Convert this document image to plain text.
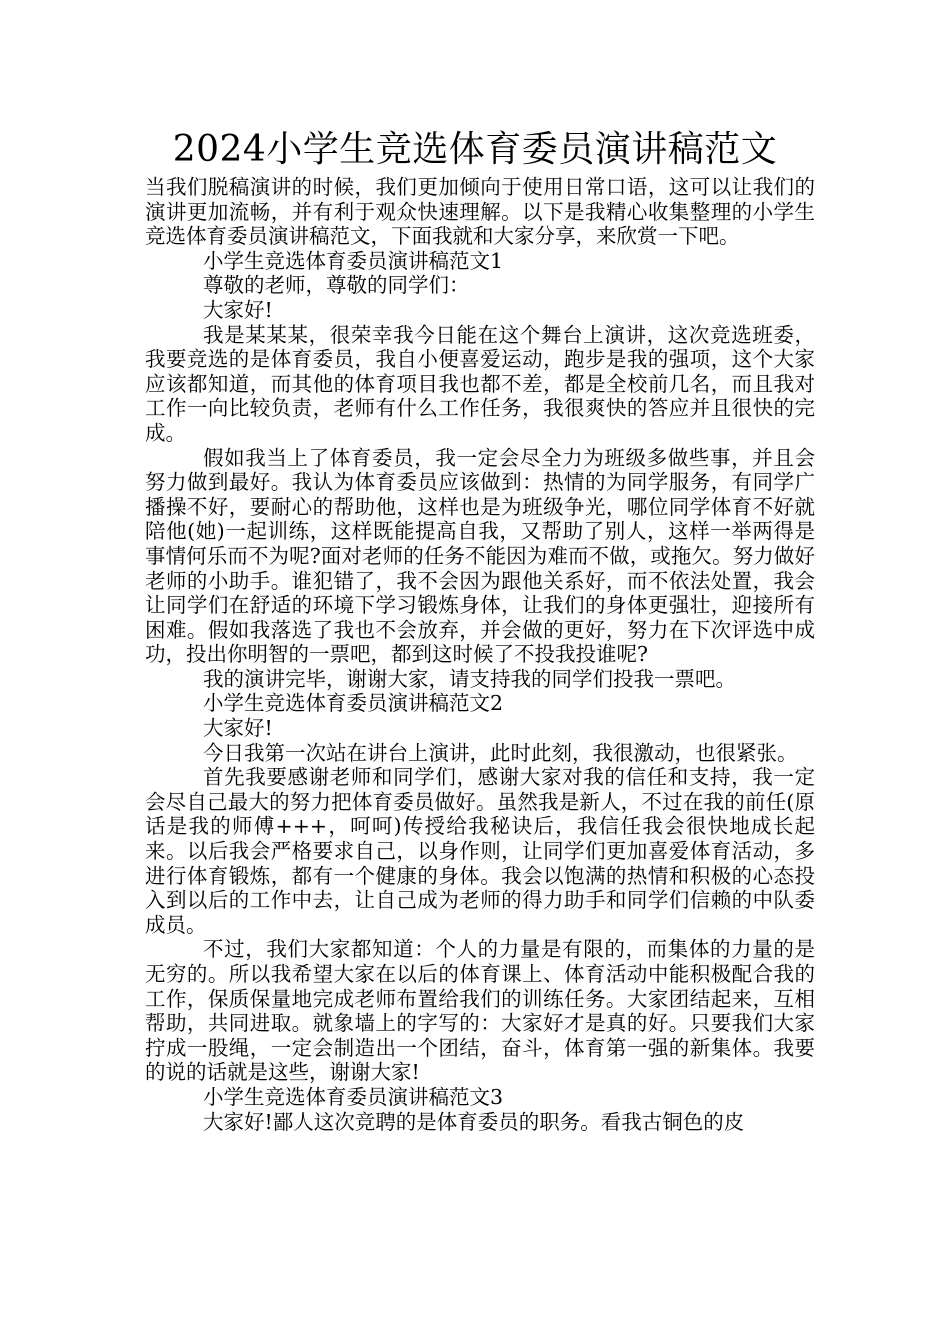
2024小学生竞选体育委员演讲稿范文

当我们脱稿演讲的时候，我们更加倾向于使用日常口语，这可以让我们的演讲更加流畅，并有利于观众快速理解。以下是我精心收集整理的小学生竞选体育委员演讲稿范文，下面我就和大家分享，来欣赏一下吧。

小学生竞选体育委员演讲稿范文1

尊敬的老师，尊敬的同学们：

大家好!

我是某某某，很荣幸我今日能在这个舞台上演讲，这次竞选班委，我要竞选的是体育委员，我自小便喜爱运动，跑步是我的强项，这个大家应该都知道，而其他的体育项目我也都不差，都是全校前几名，而且我对工作一向比较负责，老师有什么工作任务，我很爽快的答应并且很快的完成。

假如我当上了体育委员，我一定会尽全力为班级多做些事，并且会努力做到最好。我认为体育委员应该做到：热情的为同学服务，有同学广播操不好，要耐心的帮助他，这样也是为班级争光，哪位同学体育不好就陪他(她)一起训练，这样既能提高自我，又帮助了别人，这样一举两得是事情何乐而不为呢?面对老师的任务不能因为难而不做，或拖欠。努力做好老师的小助手。谁犯错了，我不会因为跟他关系好，而不依法处置，我会让同学们在舒适的环境下学习锻炼身体，让我们的身体更强壮，迎接所有困难。假如我落选了我也不会放弃，并会做的更好，努力在下次评选中成功，投出你明智的一票吧，都到这时候了不投我投谁呢?

我的演讲完毕，谢谢大家，请支持我的同学们投我一票吧。

小学生竞选体育委员演讲稿范文2

大家好!

今日我第一次站在讲台上演讲，此时此刻，我很激动，也很紧张。

首先我要感谢老师和同学们，感谢大家对我的信任和支持，我一定会尽自己最大的努力把体育委员做好。虽然我是新人，不过在我的前任(原话是我的师傅+++，呵呵)传授给我秘诀后，我信任我会很快地成长起来。以后我会严格要求自己，以身作则，让同学们更加喜爱体育活动，多进行体育锻炼，都有一个健康的身体。我会以饱满的热情和积极的心态投入到以后的工作中去，让自己成为老师的得力助手和同学们信赖的中队委成员。

不过，我们大家都知道：个人的力量是有限的，而集体的力量的是无穷的。所以我希望大家在以后的体育课上、体育活动中能积极配合我的工作，保质保量地完成老师布置给我们的训练任务。大家团结起来，互相帮助，共同进取。就象墙上的字写的：大家好才是真的好。只要我们大家拧成一股绳，一定会制造出一个团结，奋斗，体育第一强的新集体。我要的说的话就是这些，谢谢大家!

小学生竞选体育委员演讲稿范文3

大家好!鄙人这次竞聘的是体育委员的职务。看我古铜色的皮
